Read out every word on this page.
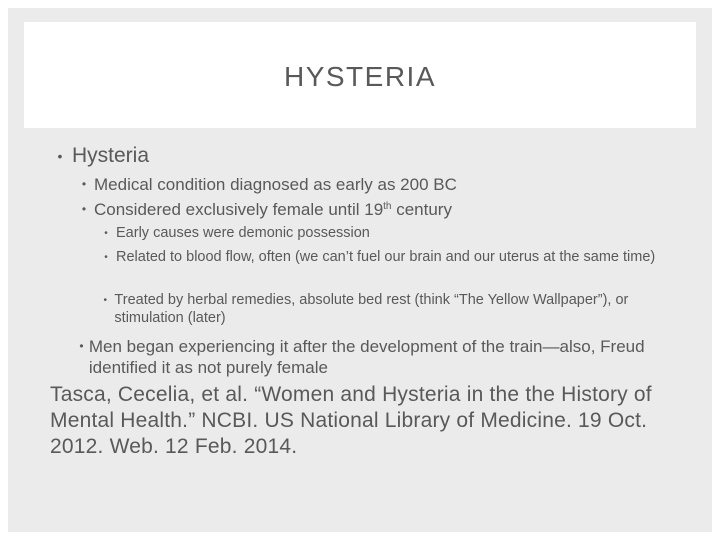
HYSTERIA
• Hysteria
• Medical condition diagnosed as early as 200 BC
• Considered exclusively female until 19th century
• Early causes were demonic possession
• Related to blood flow, often (we can’t fuel our brain and our uterus at the same time)
• Treated by herbal remedies, absolute bed rest (think “The Yellow Wallpaper”), or stimulation (later)
• Men began experiencing it after the development of the train—also, Freud identified it as not purely female
Tasca, Cecelia, et al. “Women and Hysteria in the the History of Mental Health.” NCBI. US National Library of Medicine. 19 Oct. 2012. Web. 12 Feb. 2014.
